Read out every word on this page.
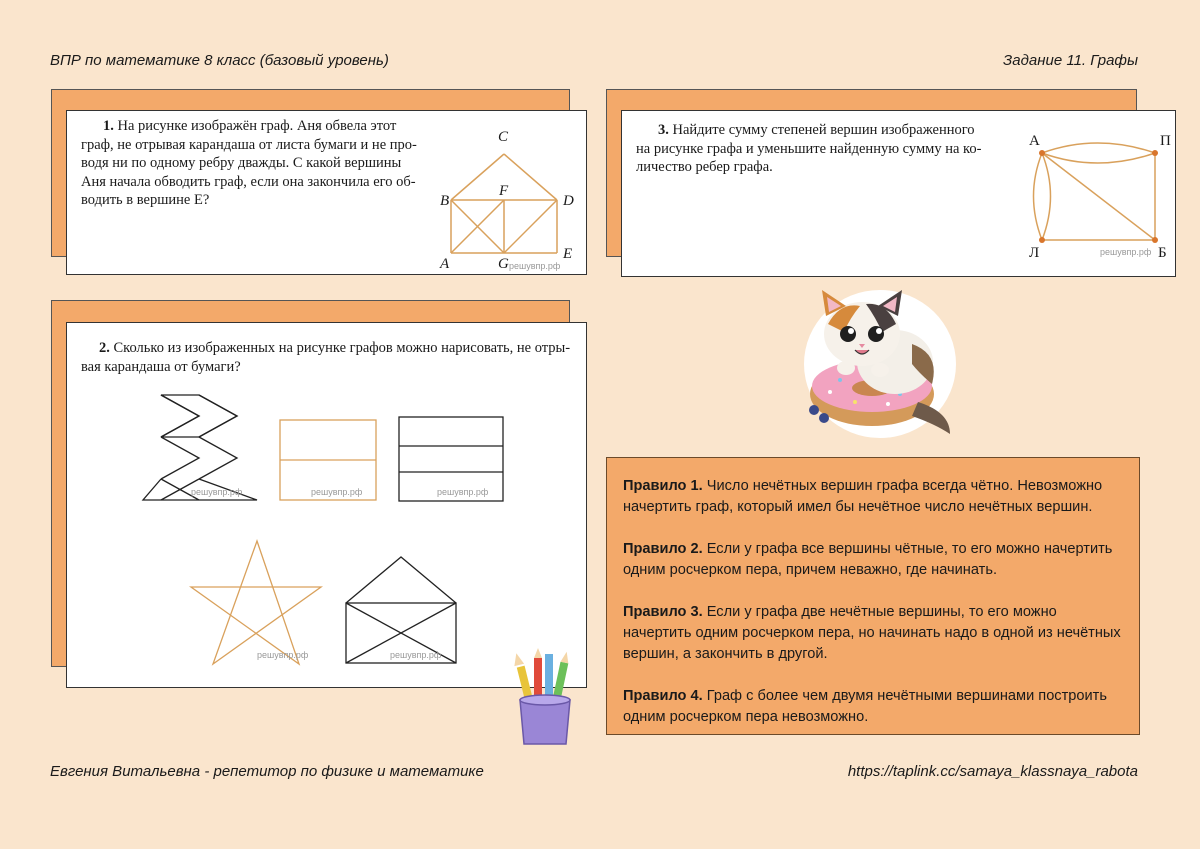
ВПР по математике 8 класс (базовый уровень)	Задание 11. Графы
1. На рисунке изображён граф. Аня обвела этот
граф, не отрывая карандаша от листа бумаги и не про-
водя ни по одному ребру дважды. С какой вершины
Аня начала обводить граф, если она закончила его об-
водить в вершине E?
C
B
F
D
E
A	G решувпр.рф
2. Сколько из изображенных на рисунке графов можно нарисовать, не отры-
вая карандаша от бумаги?
решувпр.рф	решувпр.рф	решувпр.рф
решувпр.рф	решувпр.рф
3. Найдите сумму степеней вершин изображенного
на рисунке графа и уменьшите найденную сумму на ко-
личество ребер графа.
А	П
Л	Б
решувпр.рф
Правило 1. Число нечётных вершин графа всегда чётно. Невозможно начертить граф, который имел бы нечётное число нечётных вершин.
Правило 2. Если у графа все вершины чётные, то его можно начертить одним росчерком пера, причем неважно, где начинать.
Правило 3. Если у графа две нечётные вершины, то его можно начертить одним росчерком пера, но начинать надо в одной из нечётных вершин, а закончить в другой.
Правило 4. Граф с более чем двумя нечётными вершинами построить одним росчерком пера невозможно.
Евгения Витальевна - репетитор по физике и математике	https://taplink.cc/samaya_klassnaya_rabota
